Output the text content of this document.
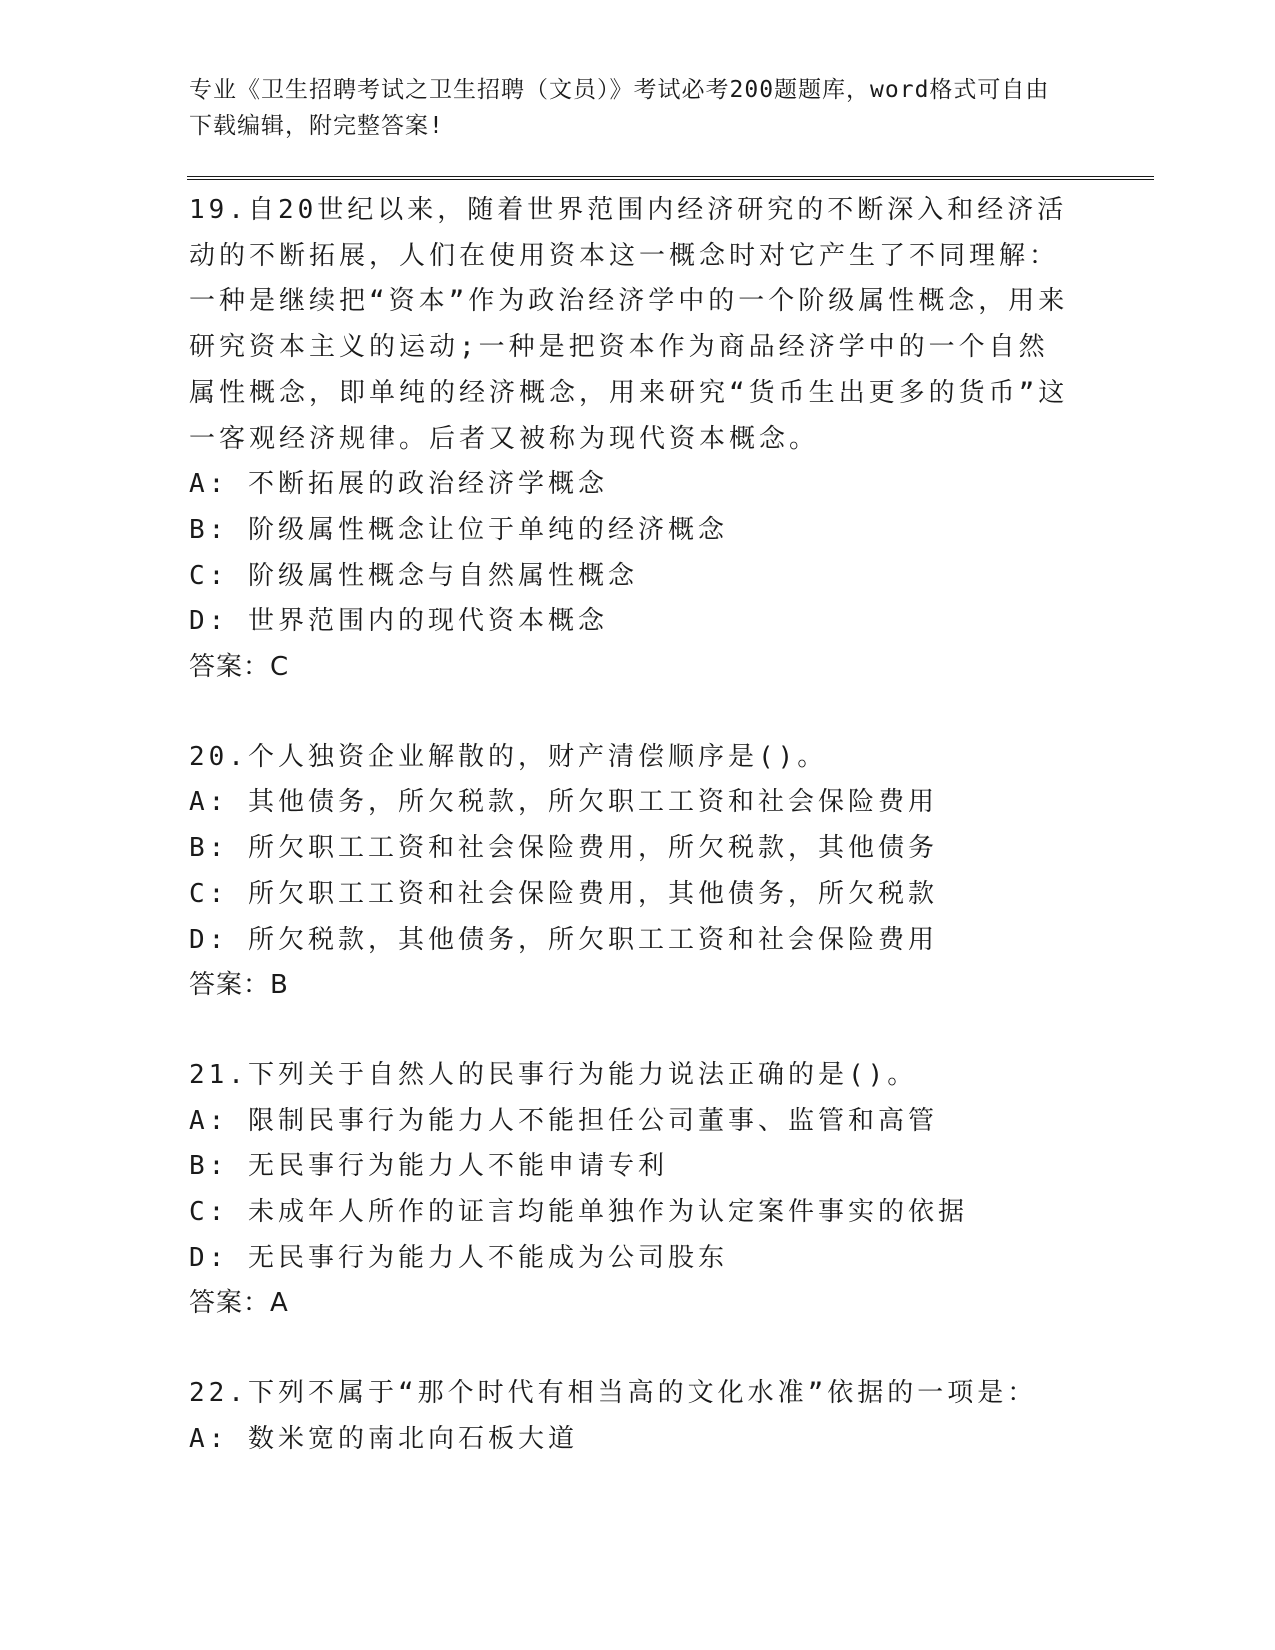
专业《卫生招聘考试之卫生招聘（文员）》考试必考200题题库，word格式可自由下载编辑，附完整答案!

19.自20世纪以来，随着世界范围内经济研究的不断深入和经济活动的不断拓展，人们在使用资本这一概念时对它产生了不同理解：一种是继续把“资本”作为政治经济学中的一个阶级属性概念，用来研究资本主义的运动;一种是把资本作为商品经济学中的一个自然属性概念，即单纯的经济概念，用来研究“货币生出更多的货币”这一客观经济规律。后者又被称为现代资本概念。

A: 不断拓展的政治经济学概念

B: 阶级属性概念让位于单纯的经济概念

C: 阶级属性概念与自然属性概念

D: 世界范围内的现代资本概念

答案：C

20.个人独资企业解散的，财产清偿顺序是()。

A: 其他债务，所欠税款，所欠职工工资和社会保险费用

B: 所欠职工工资和社会保险费用，所欠税款，其他债务

C: 所欠职工工资和社会保险费用，其他债务，所欠税款

D: 所欠税款，其他债务，所欠职工工资和社会保险费用

答案：B

21.下列关于自然人的民事行为能力说法正确的是()。

A: 限制民事行为能力人不能担任公司董事、监管和高管

B: 无民事行为能力人不能申请专利

C: 未成年人所作的证言均能单独作为认定案件事实的依据

D: 无民事行为能力人不能成为公司股东

答案：A

22.下列不属于“那个时代有相当高的文化水准”依据的一项是：

A: 数米宽的南北向石板大道
